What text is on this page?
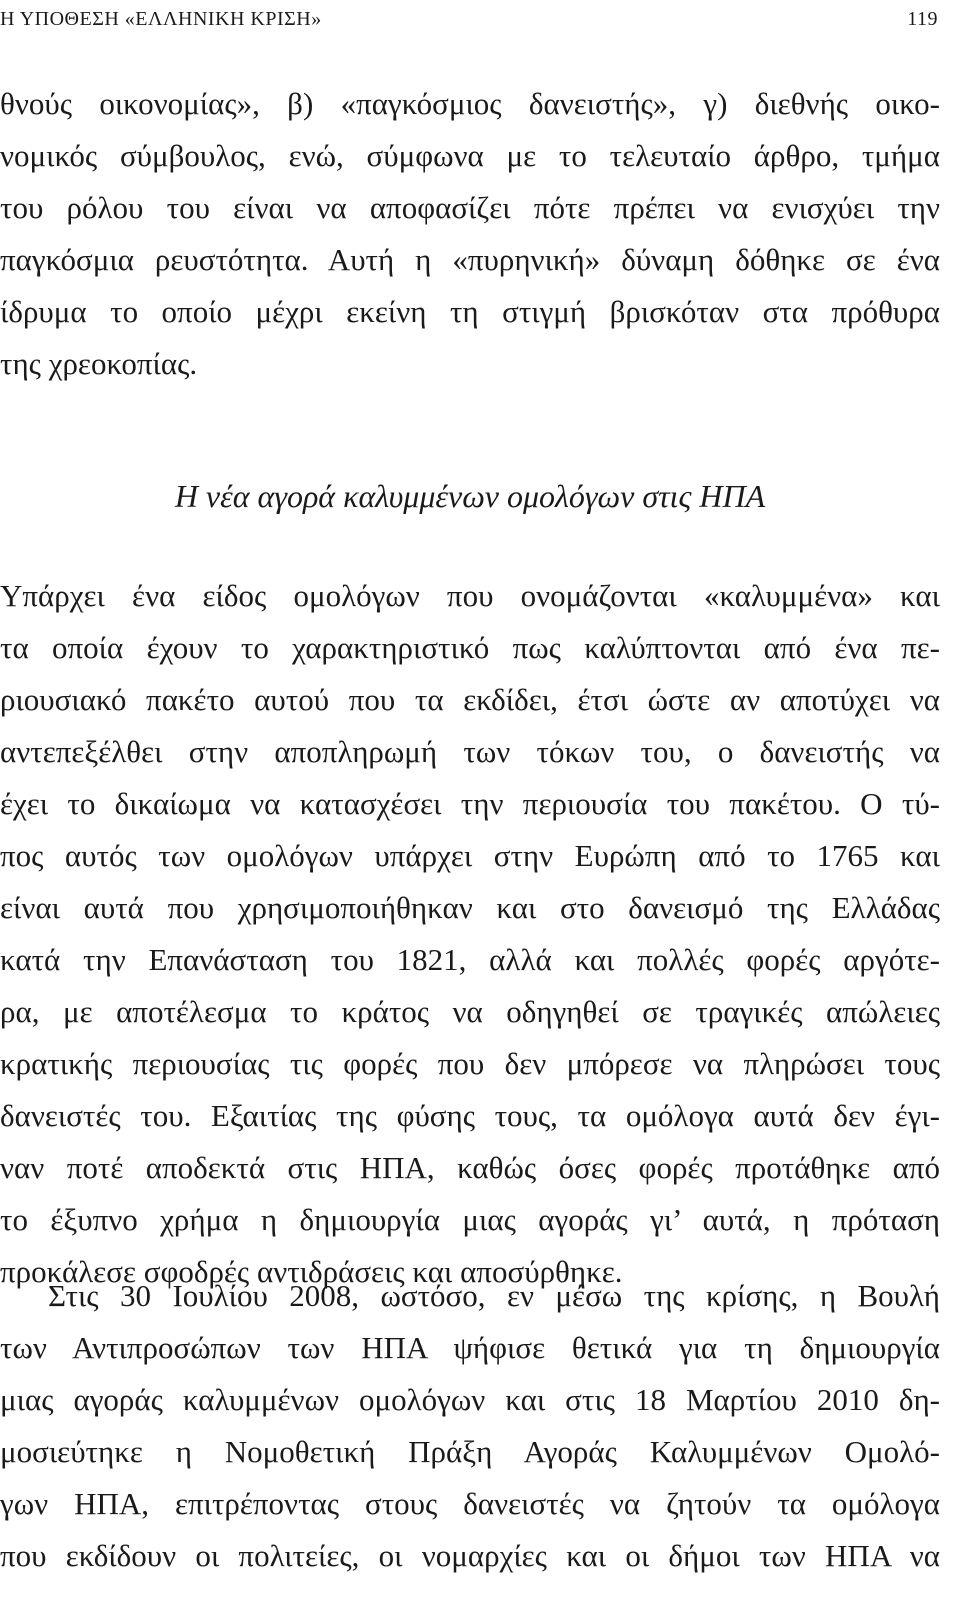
Η ΥΠΟΘΕΣΗ «ΕΛΛΗΝΙΚΗ ΚΡΙΣΗ»	119
θνούς οικονομίας», β) «παγκόσμιος δανειστής», γ) διεθνής οικο-
νομικός σύμβουλος, ενώ, σύμφωνα με το τελευταίο άρθρο, τμήμα
του ρόλου του είναι να αποφασίζει πότε πρέπει να ενισχύει την
παγκόσμια ρευστότητα. Αυτή η «πυρηνική» δύναμη δόθηκε σε ένα
ίδρυμα το οποίο μέχρι εκείνη τη στιγμή βρισκόταν στα πρόθυρα
της χρεοκοπίας.
Η νέα αγορά καλυμμένων ομολόγων στις ΗΠΑ
Υπάρχει ένα είδος ομολόγων που ονομάζονται «καλυμμένα» και
τα οποία έχουν το χαρακτηριστικό πως καλύπτονται από ένα πε-
ριουσιακό πακέτο αυτού που τα εκδίδει, έτσι ώστε αν αποτύχει να
αντεπεξέλθει στην αποπληρωμή των τόκων του, ο δανειστής να
έχει το δικαίωμα να κατασχέσει την περιουσία του πακέτου. Ο τύ-
πος αυτός των ομολόγων υπάρχει στην Ευρώπη από το 1765 και
είναι αυτά που χρησιμοποιήθηκαν και στο δανεισμό της Ελλάδας
κατά την Επανάσταση του 1821, αλλά και πολλές φορές αργότε-
ρα, με αποτέλεσμα το κράτος να οδηγηθεί σε τραγικές απώλειες
κρατικής περιουσίας τις φορές που δεν μπόρεσε να πληρώσει τους
δανειστές του. Εξαιτίας της φύσης τους, τα ομόλογα αυτά δεν έγι-
ναν ποτέ αποδεκτά στις ΗΠΑ, καθώς όσες φορές προτάθηκε από
το έξυπνο χρήμα η δημιουργία μιας αγοράς γι’ αυτά, η πρόταση
προκάλεσε σφοδρές αντιδράσεις και αποσύρθηκε.
Στις 30 Ιουλίου 2008, ωστόσο, εν μέσω της κρίσης, η Βουλή
των Αντιπροσώπων των ΗΠΑ ψήφισε θετικά για τη δημιουργία
μιας αγοράς καλυμμένων ομολόγων και στις 18 Μαρτίου 2010 δη-
μοσιεύτηκε η Νομοθετική Πράξη Αγοράς Καλυμμένων Ομολό-
γων ΗΠΑ, επιτρέποντας στους δανειστές να ζητούν τα ομόλογα
που εκδίδουν οι πολιτείες, οι νομαρχίες και οι δήμοι των ΗΠΑ να
